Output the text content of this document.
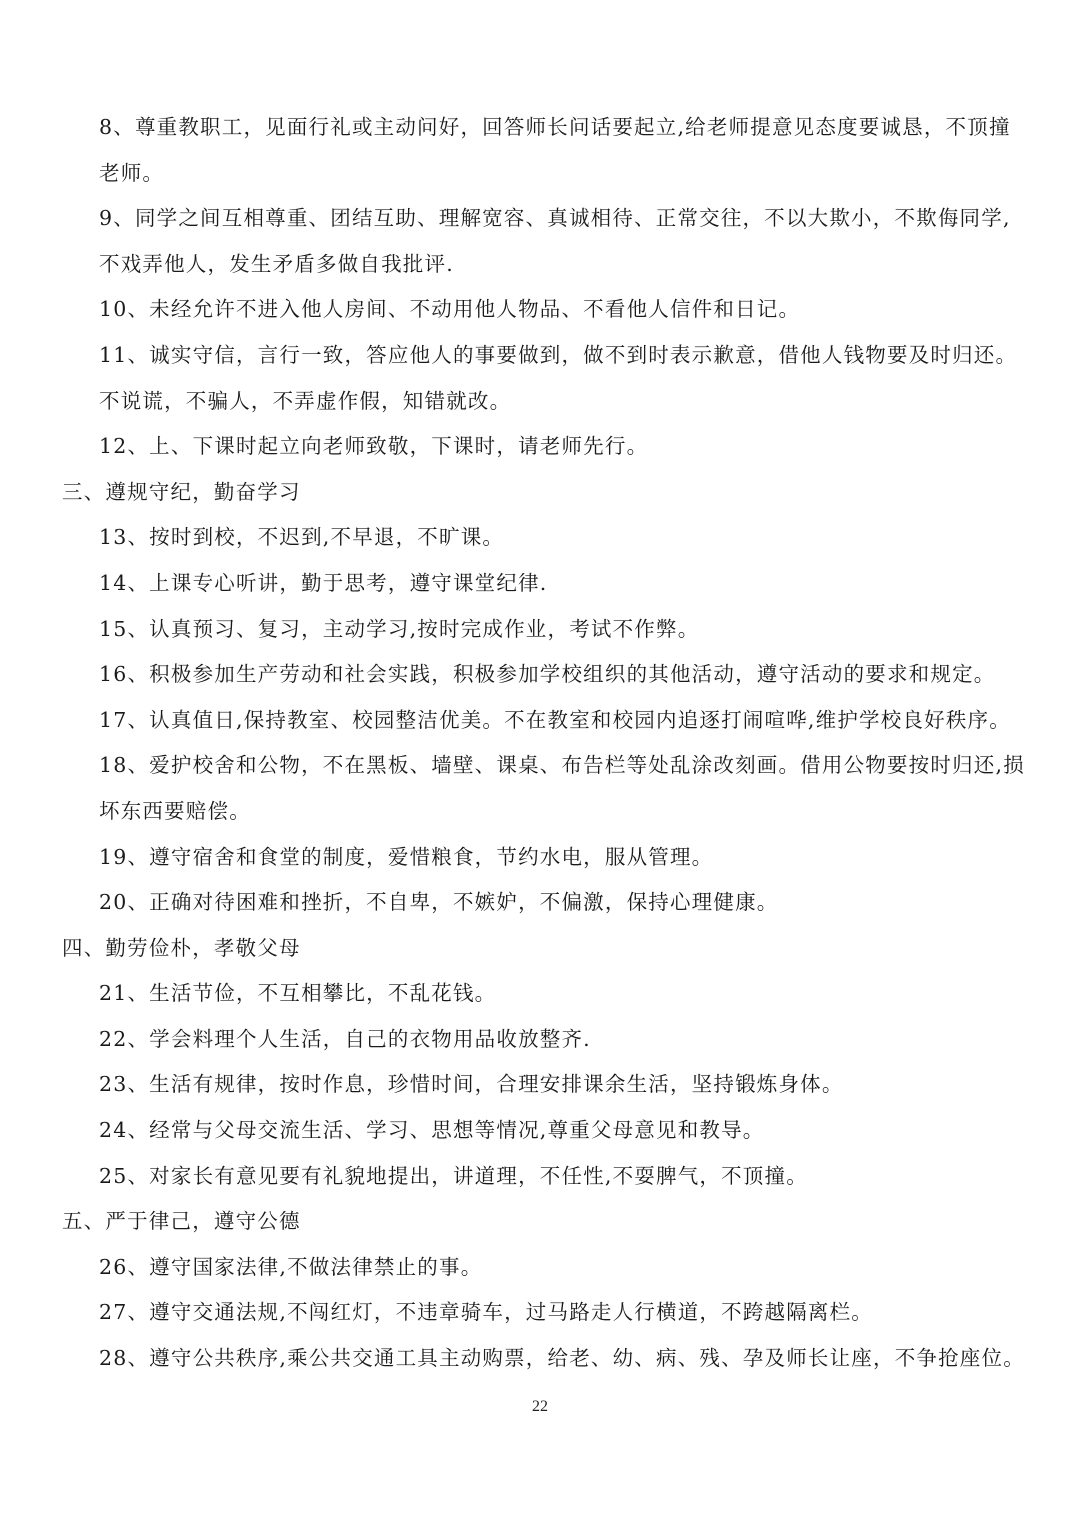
8、尊重教职工，见面行礼或主动问好，回答师长问话要起立,给老师提意见态度要诚恳，不顶撞
老师。
9、同学之间互相尊重、团结互助、理解宽容、真诚相待、正常交往，不以大欺小，不欺侮同学,
不戏弄他人，发生矛盾多做自我批评.
10、未经允许不进入他人房间、不动用他人物品、不看他人信件和日记。
11、诚实守信，言行一致，答应他人的事要做到，做不到时表示歉意，借他人钱物要及时归还。
不说谎，不骗人，不弄虚作假，知错就改。
12、上、下课时起立向老师致敬，下课时，请老师先行。
三、遵规守纪，勤奋学习
13、按时到校，不迟到,不早退，不旷课。
14、上课专心听讲，勤于思考，遵守课堂纪律.
15、认真预习、复习，主动学习,按时完成作业，考试不作弊。
16、积极参加生产劳动和社会实践，积极参加学校组织的其他活动，遵守活动的要求和规定。
17、认真值日,保持教室、校园整洁优美。不在教室和校园内追逐打闹喧哗,维护学校良好秩序。
18、爱护校舍和公物，不在黑板、墙壁、课桌、布告栏等处乱涂改刻画。借用公物要按时归还,损
坏东西要赔偿。
19、遵守宿舍和食堂的制度，爱惜粮食，节约水电，服从管理。
20、正确对待困难和挫折，不自卑，不嫉妒，不偏激，保持心理健康。
四、勤劳俭朴，孝敬父母
21、生活节俭，不互相攀比，不乱花钱。
22、学会料理个人生活，自己的衣物用品收放整齐.
23、生活有规律，按时作息，珍惜时间，合理安排课余生活，坚持锻炼身体。
24、经常与父母交流生活、学习、思想等情况,尊重父母意见和教导。
25、对家长有意见要有礼貌地提出，讲道理，不任性,不耍脾气，不顶撞。
五、严于律己，遵守公德
26、遵守国家法律,不做法律禁止的事。
27、遵守交通法规,不闯红灯，不违章骑车，过马路走人行横道，不跨越隔离栏。
28、遵守公共秩序,乘公共交通工具主动购票，给老、幼、病、残、孕及师长让座，不争抢座位。
22
